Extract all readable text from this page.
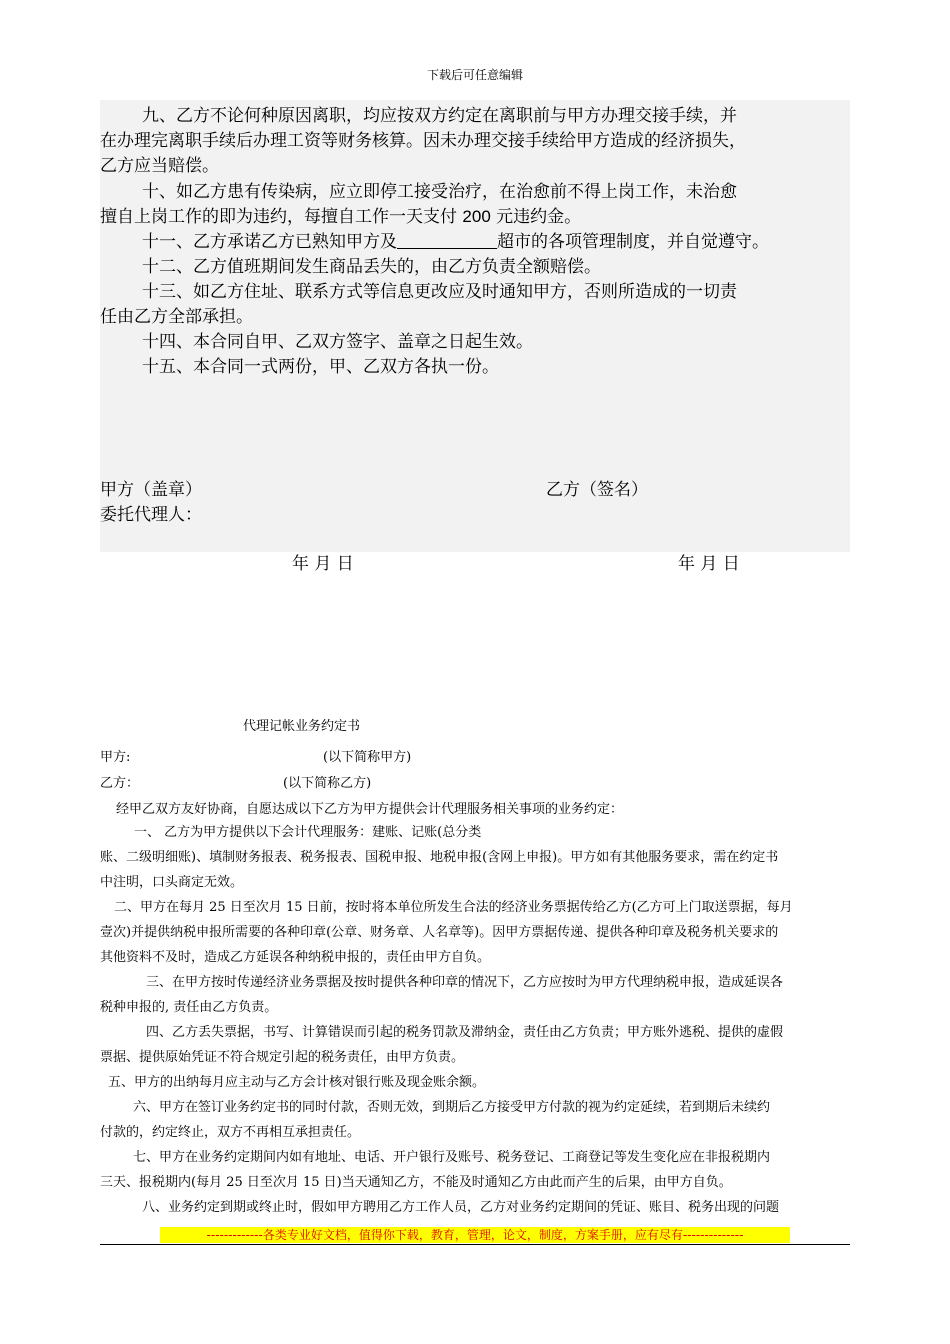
下载后可任意编辑
九、乙方不论何种原因离职，均应按双方约定在离职前与甲方办理交接手续，并
在办理完离职手续后办理工资等财务核算。因未办理交接手续给甲方造成的经济损失，
乙方应当赔偿。
十、如乙方患有传染病，应立即停工接受治疗，在治愈前不得上岗工作，未治愈
擅自上岗工作的即为违约，每擅自工作一天支付 200 元违约金。
十一、乙方承诺乙方已熟知甲方及	超市的各项管理制度，并自觉遵守。
十二、乙方值班期间发生商品丢失的，由乙方负责全额赔偿。
十三、如乙方住址、联系方式等信息更改应及时通知甲方，否则所造成的一切责
任由乙方全部承担。
十四、本合同自甲、乙双方签字、盖章之日起生效。
十五、本合同一式两份，甲、乙双方各执一份。
甲方（盖章）	乙方（签名）
委托代理人：
年 月 日	年 月 日
代理记帐业务约定书
甲方:	(以下简称甲方)
乙方：	(以下简称乙方)
经甲乙双方友好协商，自愿达成以下乙方为甲方提供会计代理服务相关事项的业务约定：
一、 乙方为甲方提供以下会计代理服务：建账、记账(总分类
账、二级明细账)、填制财务报表、税务报表、国税申报、地税申报(含网上申报)。甲方如有其他服务要求，需在约定书
中注明，口头商定无效。
二、甲方在每月 25 日至次月 15 日前，按时将本单位所发生合法的经济业务票据传给乙方(乙方可上门取送票据，每月
壹次)并提供纳税申报所需要的各种印章(公章、财务章、人名章等)。因甲方票据传递、提供各种印章及税务机关要求的
其他资料不及时，造成乙方延误各种纳税申报的，责任由甲方自负。
三、在甲方按时传递经济业务票据及按时提供各种印章的情况下，乙方应按时为甲方代理纳税申报，造成延误各
税种申报的, 责任由乙方负责。
四、乙方丢失票据，书写、计算错误而引起的税务罚款及滞纳金，责任由乙方负责；甲方账外逃税、提供的虚假
票据、提供原始凭证不符合规定引起的税务责任，由甲方负责。
五、甲方的出纳每月应主动与乙方会计核对银行账及现金账余额。
六、甲方在签订业务约定书的同时付款，否则无效，到期后乙方接受甲方付款的视为约定延续，若到期后未续约
付款的，约定终止，双方不再相互承担责任。
七、甲方在业务约定期间内如有地址、电话、开户银行及账号、税务登记、工商登记等发生变化应在非报税期内
三天、报税期内(每月 25 日至次月 15 日)当天通知乙方，不能及时通知乙方由此而产生的后果，由甲方自负。
八、业务约定到期或终止时，假如甲方聘用乙方工作人员，乙方对业务约定期间的凭证、账目、税务出现的问题
-------------各类专业好文档，值得你下载，教育，管理，论文，制度，方案手册，应有尽有--------------
